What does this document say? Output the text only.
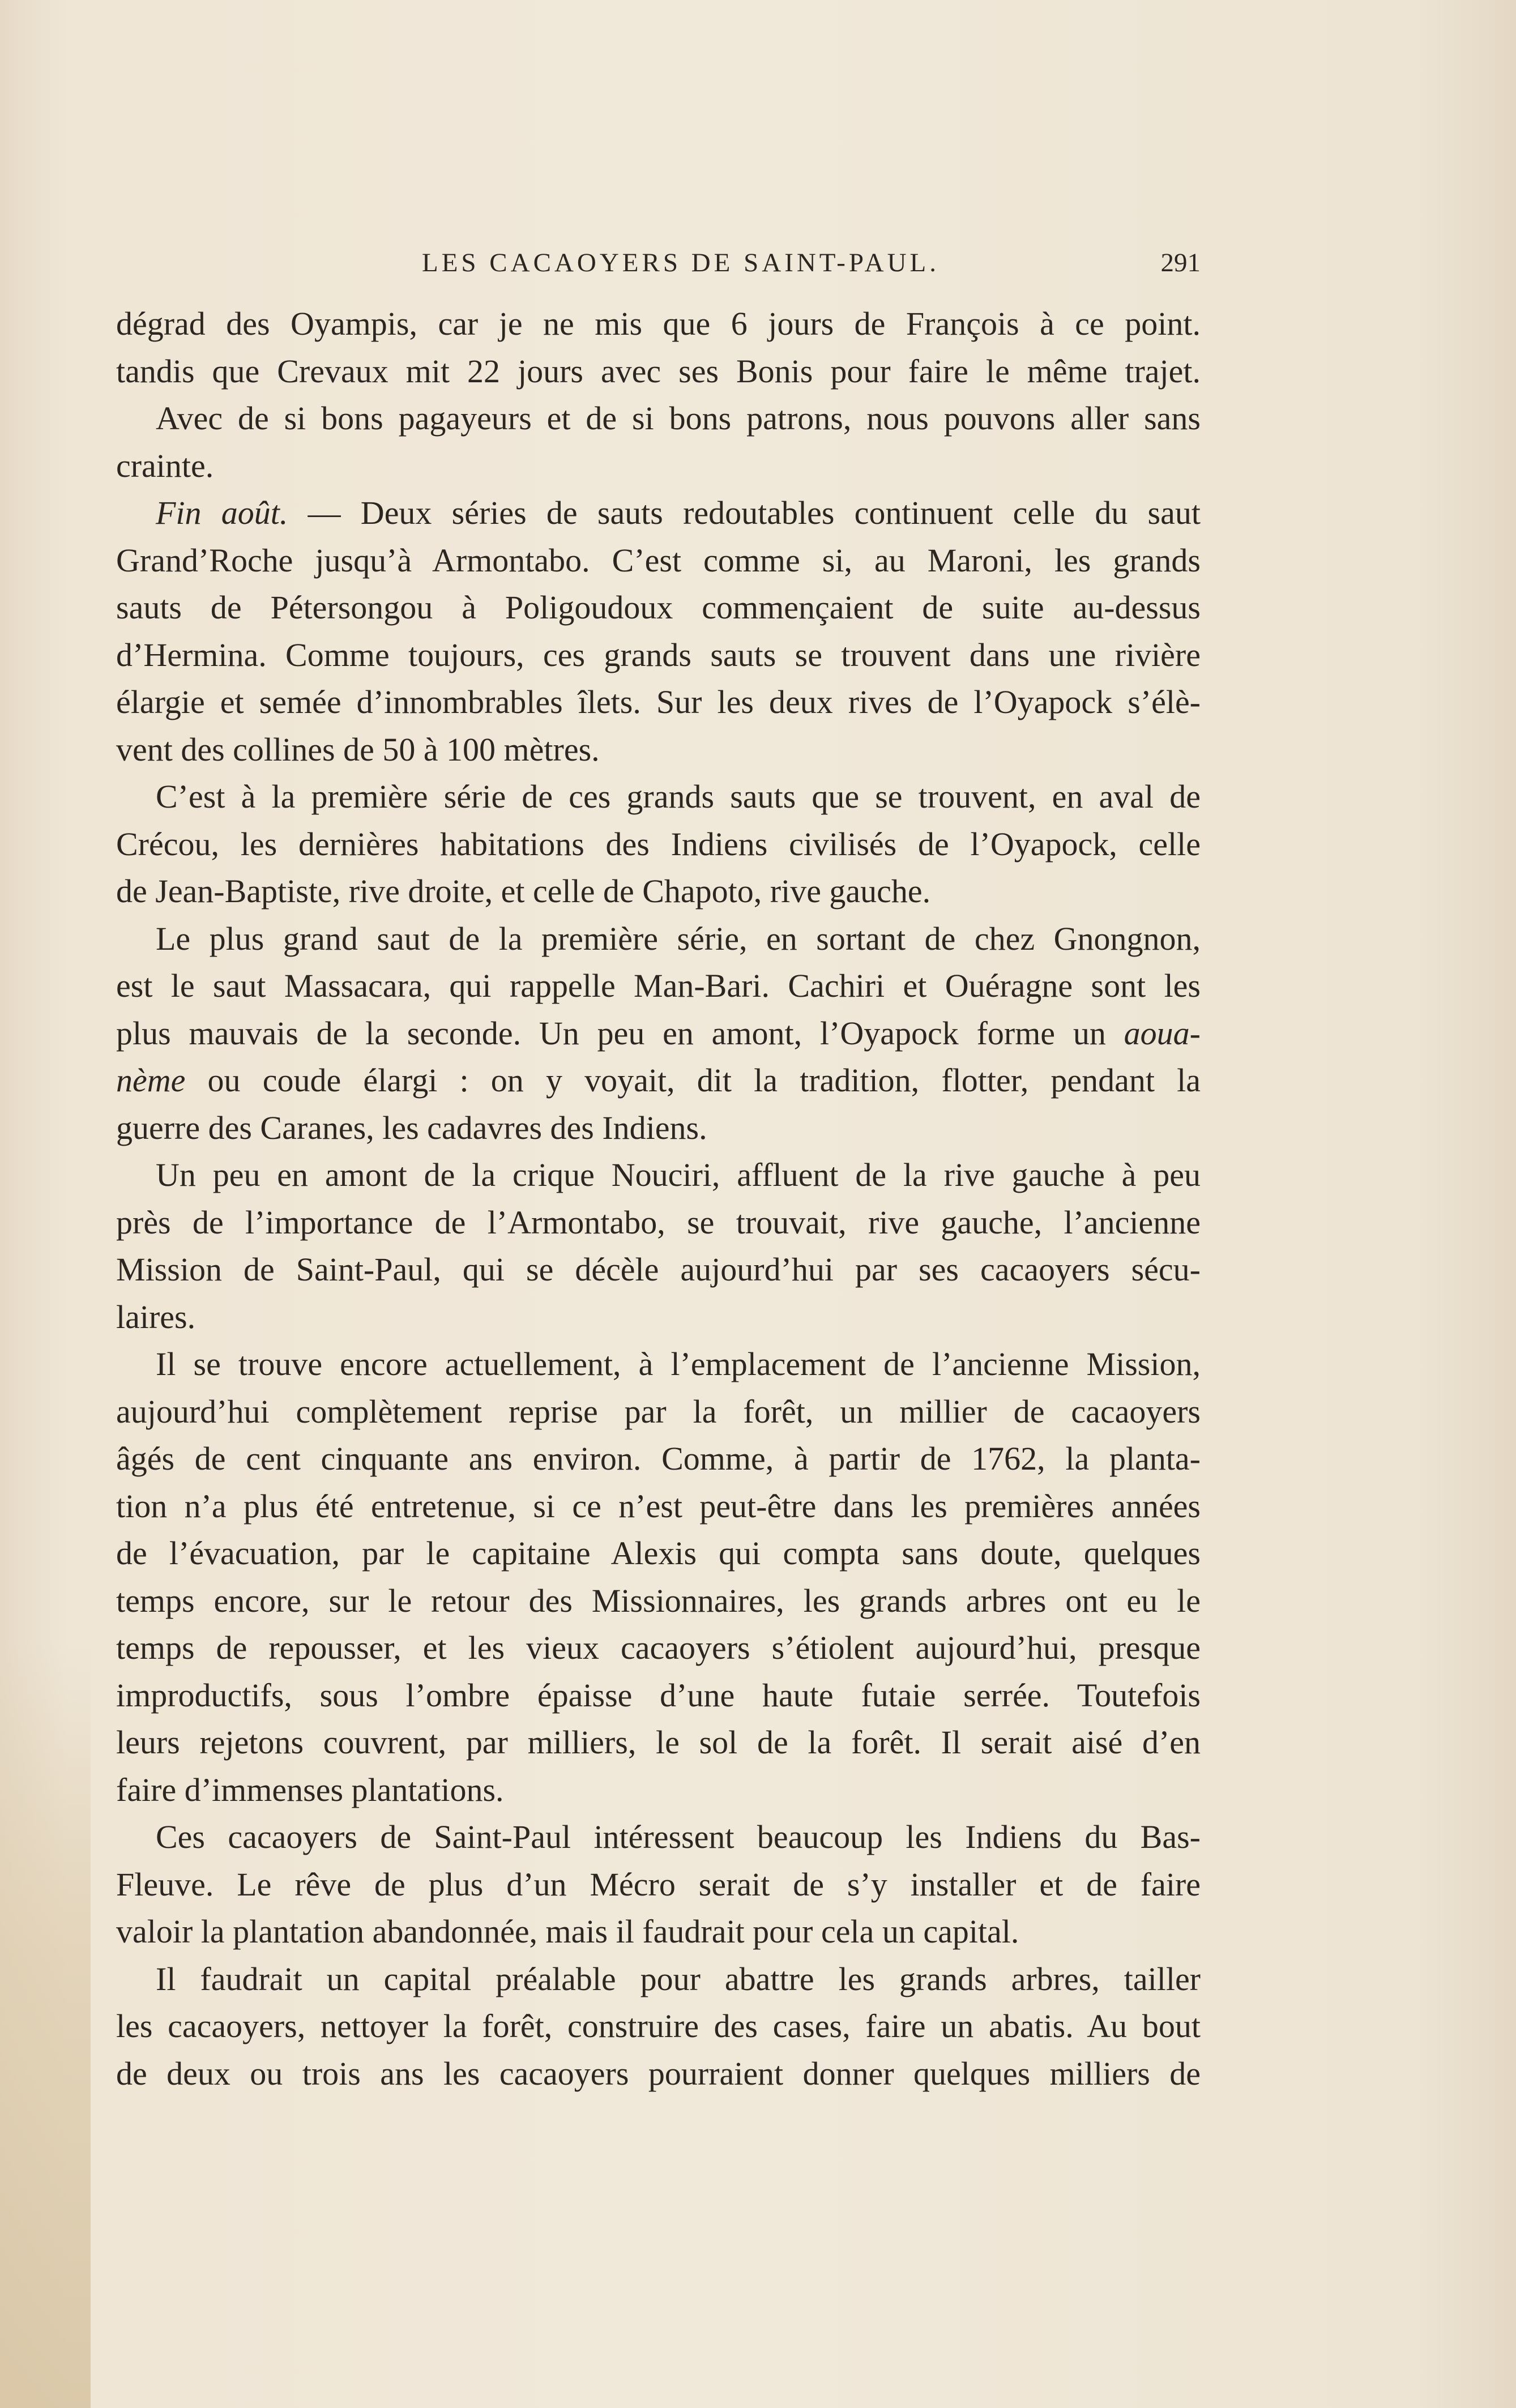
LES CACAOYERS DE SAINT-PAUL.	291
dégrad des Oyampis, car je ne mis que 6 jours de François à ce point.
tandis que Crevaux mit 22 jours avec ses Bonis pour faire le même trajet.
Avec de si bons pagayeurs et de si bons patrons, nous pouvons aller sans
crainte.
Fin août. — Deux séries de sauts redoutables continuent celle du saut
Grand’Roche jusqu’à Armontabo. C’est comme si, au Maroni, les grands
sauts de Pétersongou à Poligoudoux commençaient de suite au-dessus
d’Hermina. Comme toujours, ces grands sauts se trouvent dans une rivière
élargie et semée d’innombrables îlets. Sur les deux rives de l’Oyapock s’élè-
vent des collines de 50 à 100 mètres.
C’est à la première série de ces grands sauts que se trouvent, en aval de
Crécou, les dernières habitations des Indiens civilisés de l’Oyapock, celle
de Jean-Baptiste, rive droite, et celle de Chapoto, rive gauche.
Le plus grand saut de la première série, en sortant de chez Gnongnon,
est le saut Massacara, qui rappelle Man-Bari. Cachiri et Ouéragne sont les
plus mauvais de la seconde. Un peu en amont, l’Oyapock forme un aoua-
nème ou coude élargi : on y voyait, dit la tradition, flotter, pendant la
guerre des Caranes, les cadavres des Indiens.
Un peu en amont de la crique Nouciri, affluent de la rive gauche à peu
près de l’importance de l’Armontabo, se trouvait, rive gauche, l’ancienne
Mission de Saint-Paul, qui se décèle aujourd’hui par ses cacaoyers sécu-
laires.
Il se trouve encore actuellement, à l’emplacement de l’ancienne Mission,
aujourd’hui complètement reprise par la forêt, un millier de cacaoyers
âgés de cent cinquante ans environ. Comme, à partir de 1762, la planta-
tion n’a plus été entretenue, si ce n’est peut-être dans les premières années
de l’évacuation, par le capitaine Alexis qui compta sans doute, quelques
temps encore, sur le retour des Missionnaires, les grands arbres ont eu le
temps de repousser, et les vieux cacaoyers s’étiolent aujourd’hui, presque
improductifs, sous l’ombre épaisse d’une haute futaie serrée. Toutefois
leurs rejetons couvrent, par milliers, le sol de la forêt. Il serait aisé d’en
faire d’immenses plantations.
Ces cacaoyers de Saint-Paul intéressent beaucoup les Indiens du Bas-
Fleuve. Le rêve de plus d’un Mécro serait de s’y installer et de faire
valoir la plantation abandonnée, mais il faudrait pour cela un capital.
Il faudrait un capital préalable pour abattre les grands arbres, tailler
les cacaoyers, nettoyer la forêt, construire des cases, faire un abatis. Au bout
de deux ou trois ans les cacaoyers pourraient donner quelques milliers de
